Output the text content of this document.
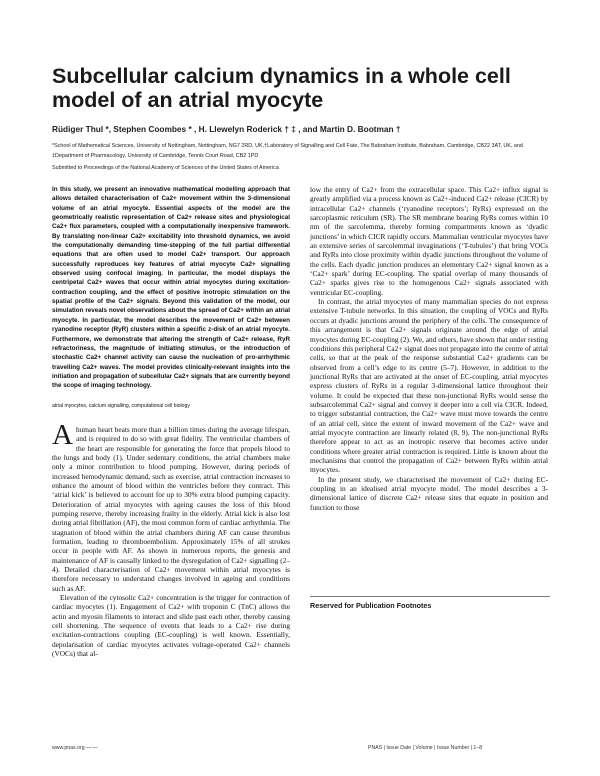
Subcellular calcium dynamics in a whole cell model of an atrial myocyte
Rüdiger Thul *, Stephen Coombes * , H. Llewelyn Roderick † ‡ , and Martin D. Bootman †
*School of Mathematical Sciences, University of Nottingham, Nottingham, NG7 2RD, UK,†Laboratory of Signalling and Cell Fate, The Babraham Institute, Babraham, Cambridge, CB22 3AT, UK, and ‡Department of Pharmacology, University of Cambridge, Tennis Court Road, CB2 1PD
Submitted to Proceedings of the National Academy of Sciences of the United States of America

In this study, we present an innovative mathematical modelling approach that allows detailed characterisation of Ca2+ movement within the 3-dimensional volume of an atrial myocyte. Essential aspects of the model are the geometrically realistic representation of Ca2+ release sites and physiological Ca2+ flux parameters, coupled with a computationally inexpensive framework. By translating non-linear Ca2+ excitability into threshold dynamics, we avoid the computationally demanding time-stepping of the full partial differential equations that are often used to model Ca2+ transport. Our approach successfully reproduces key features of atrial myocyte Ca2+ signalling observed using confocal imaging. In particular, the model displays the centripetal Ca2+ waves that occur within atrial myocytes during excitation-contraction coupling, and the effect of positive inotropic stimulation on the spatial profile of the Ca2+ signals. Beyond this validation of the model, our simulation reveals novel observations about the spread of Ca2+ within an atrial myocyte. In particular, the model describes the movement of Ca2+ between ryanodine receptor (RyR) clusters within a specific z-disk of an atrial myocyte. Furthermore, we demonstrate that altering the strength of Ca2+ release, RyR refractoriness, the magnitude of initiating stimulus, or the introduction of stochastic Ca2+ channel activity can cause the nucleation of pro-arrhythmic travelling Ca2+ waves. The model provides clinically-relevant insights into the initiation and propagation of subcellular Ca2+ signals that are currently beyond the scope of imaging technology.

atrial myocytes, calcium signalling, computational cell biology
A human heart beats more than a billion times during the average lifespan, and is required to do so with great fidelity. The ventricular chambers of the heart are responsible for generating the force that propels blood to the lungs and body (1). Under sedentary conditions, the atrial chambers make only a minor contribution to blood pumping. However, during periods of increased hemodynamic demand, such as exercise, atrial contraction increases to enhance the amount of blood within the ventricles before they contract. This ‘atrial kick’ is believed to account for up to 30% extra blood pumping capacity. Deterioration of atrial myocytes with ageing causes the loss of this blood pumping reserve, thereby increasing frailty in the elderly. Atrial kick is also lost during atrial fibrillation (AF), the most common form of cardiac arrhythmia. The stagnation of blood within the atrial chambers during AF can cause thrombus formation, leading to thromboembolism. Approximately 15% of all strokes occur in people with AF. As shown in numerous reports, the genesis and maintenance of AF is causally linked to the dysregulation of Ca2+ signalling (2–4). Detailed characterisation of Ca2+ movement within atrial myocytes is therefore necessary to understand changes involved in ageing and conditions such as AF.

Elevation of the cytosolic Ca2+ concentration is the trigger for contraction of cardiac myocytes (1). Engagement of Ca2+ with troponin C (TnC) allows the actin and myosin filaments to interact and slide past each other, thereby causing cell shortening. The sequence of events that leads to a Ca2+ rise during excitation-contractions coupling (EC-coupling) is well known. Essentially, depolarisation of cardiac myocytes activates voltage-operated Ca2+ channels (VOCs) that al-

low the entry of Ca2+ from the extracellular space. This Ca2+ influx signal is greatly amplified via a process known as Ca2+-induced Ca2+ release (CICR) by intracellular Ca2+ channels (‘ryanodine receptors’; RyRs) expressed on the sarcoplasmic reticulum (SR). The SR membrane bearing RyRs comes within 10 nm of the sarcolemma, thereby forming compartments known as ‘dyadic junctions’ in which CICR rapidly occurs. Mammalian ventricular myocytes have an extensive series of sarcolemmal invaginations (‘T-tubules’) that bring VOCs and RyRs into close proximity within dyadic junctions throughout the volume of the cells. Each dyadic junction produces an elementary Ca2+ signal known as a ‘Ca2+ spark’ during EC-coupling. The spatial overlap of many thousands of Ca2+ sparks gives rise to the homogenous Ca2+ signals associated with ventricular EC-coupling.

In contrast, the atrial myocytes of many mammalian species do not express extensive T-tubule networks. In this situation, the coupling of VOCs and RyRs occurs at dyadic junctions around the periphery of the cells. The consequence of this arrangement is that Ca2+ signals originate around the edge of atrial myocytes during EC-coupling (2). We, and others, have shown that under resting conditions this peripheral Ca2+ signal does not propagate into the centre of atrial cells, so that at the peak of the response substantial Ca2+ gradients can be observed from a cell’s edge to its centre (5–7). However, in addition to the junctional RyRs that are activated at the onset of EC-coupling, atrial myocytes express clusters of RyRs in a regular 3-dimensional lattice throughout their volume. It could be expected that these non-junctional RyRs would sense the subsarcolemmal Ca2+ signal and convey it deeper into a cell via CICR. Indeed, to trigger substantial contraction, the Ca2+ wave must move towards the centre of an atrial cell, since the extent of inward movement of the Ca2+ wave and atrial myocyte contraction are linearly related (8, 9). The non-junctional RyRs therefore appear to act as an inotropic reserve that becomes active under conditions where greater atrial contraction is required. Little is known about the mechanisms that control the propagation of Ca2+ between RyRs within atrial myocytes.

In the present study, we characterised the movement of Ca2+ during EC-coupling in an idealised atrial myocyte model. The model describes a 3-dimensional lattice of discrete Ca2+ release sites that equate in position and function to those

Reserved for Publication Footnotes
www.pnas.org — —	PNAS | Issue Date | Volume | Issue Number | 1–8
